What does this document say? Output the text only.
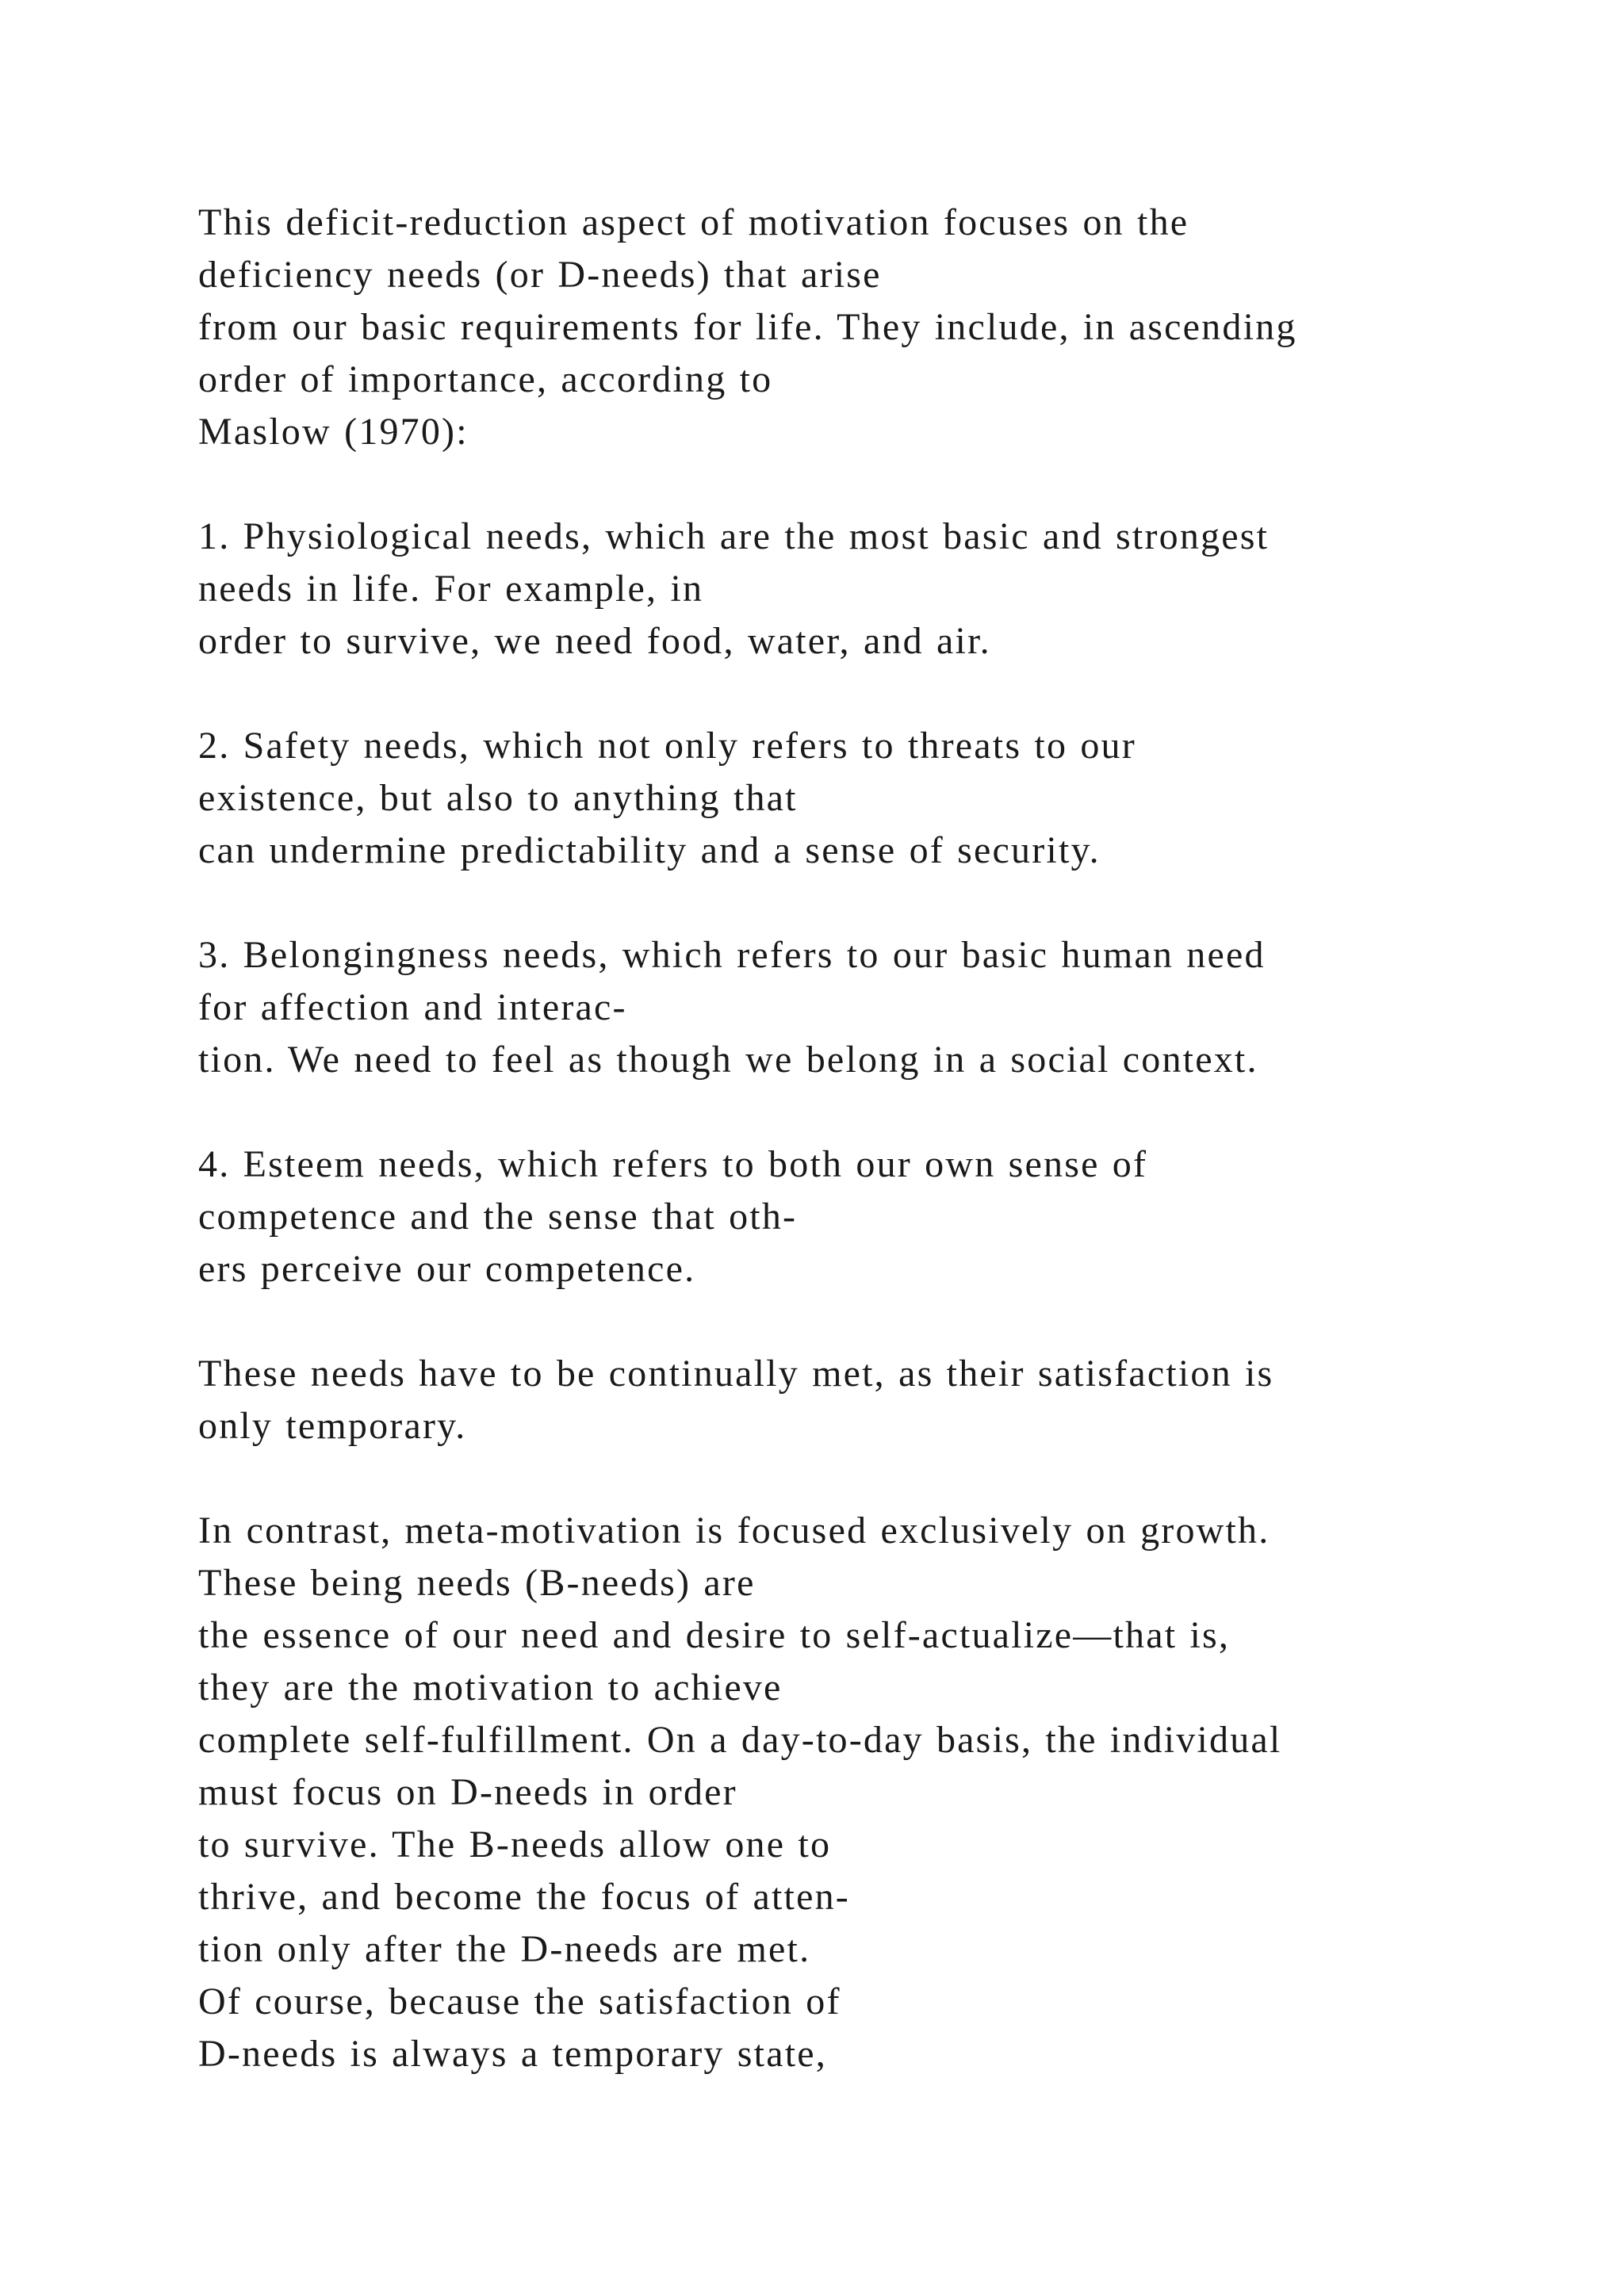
This deficit-reduction aspect of motivation focuses on the
deficiency needs (or D-needs) that arise
from our basic requirements for life. They include, in ascending
order of importance, according to
Maslow (1970):
1. Physiological needs, which are the most basic and strongest
needs in life. For example, in
order to survive, we need food, water, and air.
2. Safety needs, which not only refers to threats to our
existence, but also to anything that
can undermine predictability and a sense of security.
3. Belongingness needs, which refers to our basic human need
for affection and interac-
tion. We need to feel as though we belong in a social context.
4. Esteem needs, which refers to both our own sense of
competence and the sense that oth-
ers perceive our competence.
These needs have to be continually met, as their satisfaction is
only temporary.
In contrast, meta-motivation is focused exclusively on growth.
These being needs (B-needs) are
the essence of our need and desire to self-actualize—that is,
they are the motivation to achieve
complete self-fulfillment. On a day-to-day basis, the individual
must focus on D-needs in order
to survive. The B-needs allow one to
thrive, and become the focus of atten-
tion only after the D-needs are met.
Of course, because the satisfaction of
D-needs is always a temporary state,
